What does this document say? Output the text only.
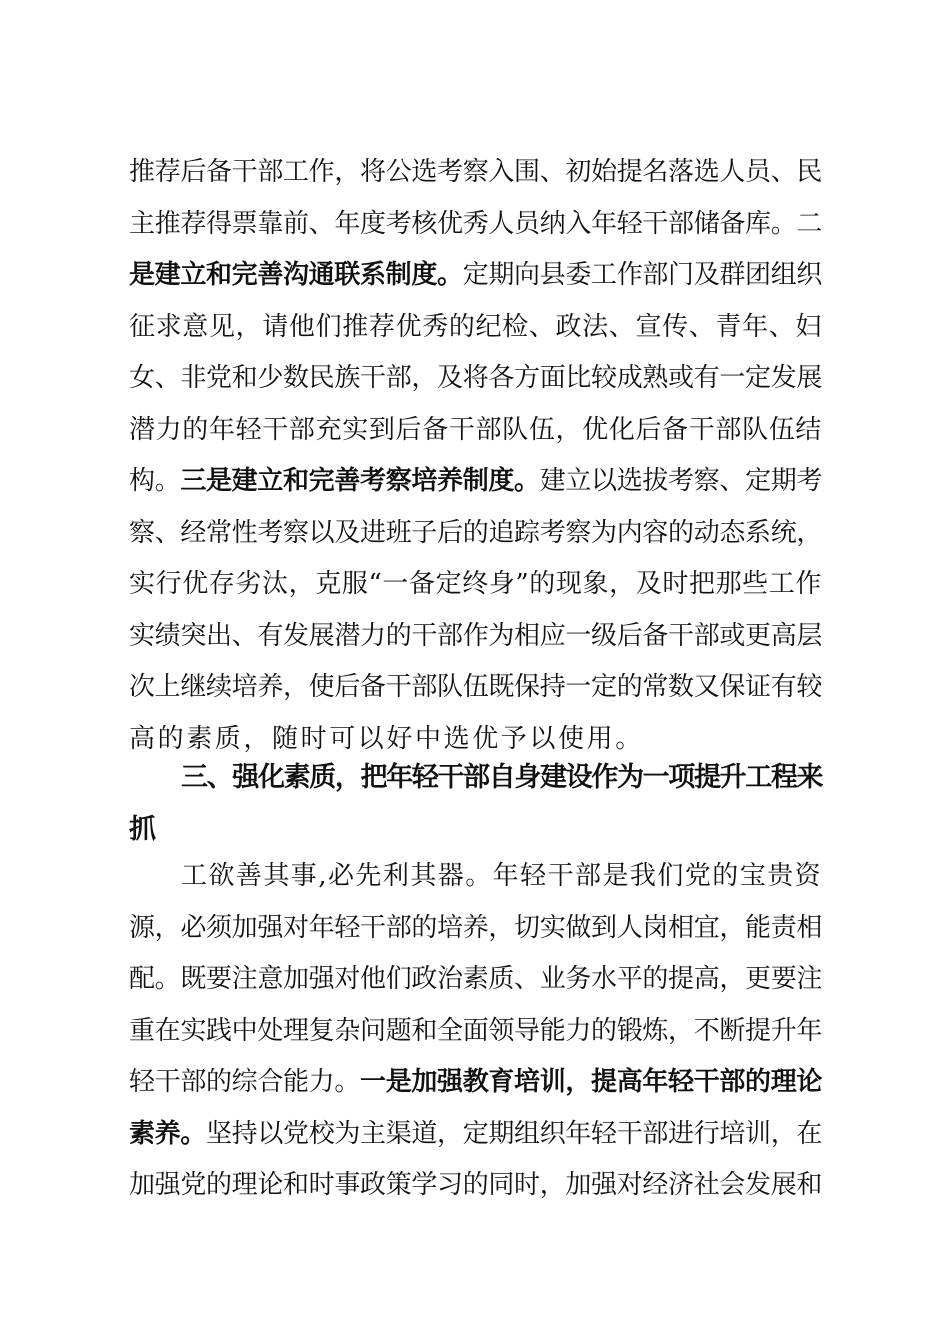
推荐后备干部工作，将公选考察入围、初始提名落选人员、民
主推荐得票靠前、年度考核优秀人员纳入年轻干部储备库。二
是建立和完善沟通联系制度。定期向县委工作部门及群团组织
征求意见，请他们推荐优秀的纪检、政法、宣传、青年、妇
女、非党和少数民族干部，及将各方面比较成熟或有一定发展
潜力的年轻干部充实到后备干部队伍，优化后备干部队伍结
构。三是建立和完善考察培养制度。建立以选拔考察、定期考
察、经常性考察以及进班子后的追踪考察为内容的动态系统，
实行优存劣汰，克服“一备定终身”的现象，及时把那些工作
实绩突出、有发展潜力的干部作为相应一级后备干部或更高层
次上继续培养，使后备干部队伍既保持一定的常数又保证有较
高的素质，随时可以好中选优予以使用。
三、强化素质，把年轻干部自身建设作为一项提升工程来
抓
工欲善其事,必先利其器。年轻干部是我们党的宝贵资
源，必须加强对年轻干部的培养，切实做到人岗相宜，能责相
配。既要注意加强对他们政治素质、业务水平的提高，更要注
重在实践中处理复杂问题和全面领导能力的锻炼，不断提升年
轻干部的综合能力。一是加强教育培训，提高年轻干部的理论
素养。坚持以党校为主渠道，定期组织年轻干部进行培训，在
加强党的理论和时事政策学习的同时，加强对经济社会发展和
